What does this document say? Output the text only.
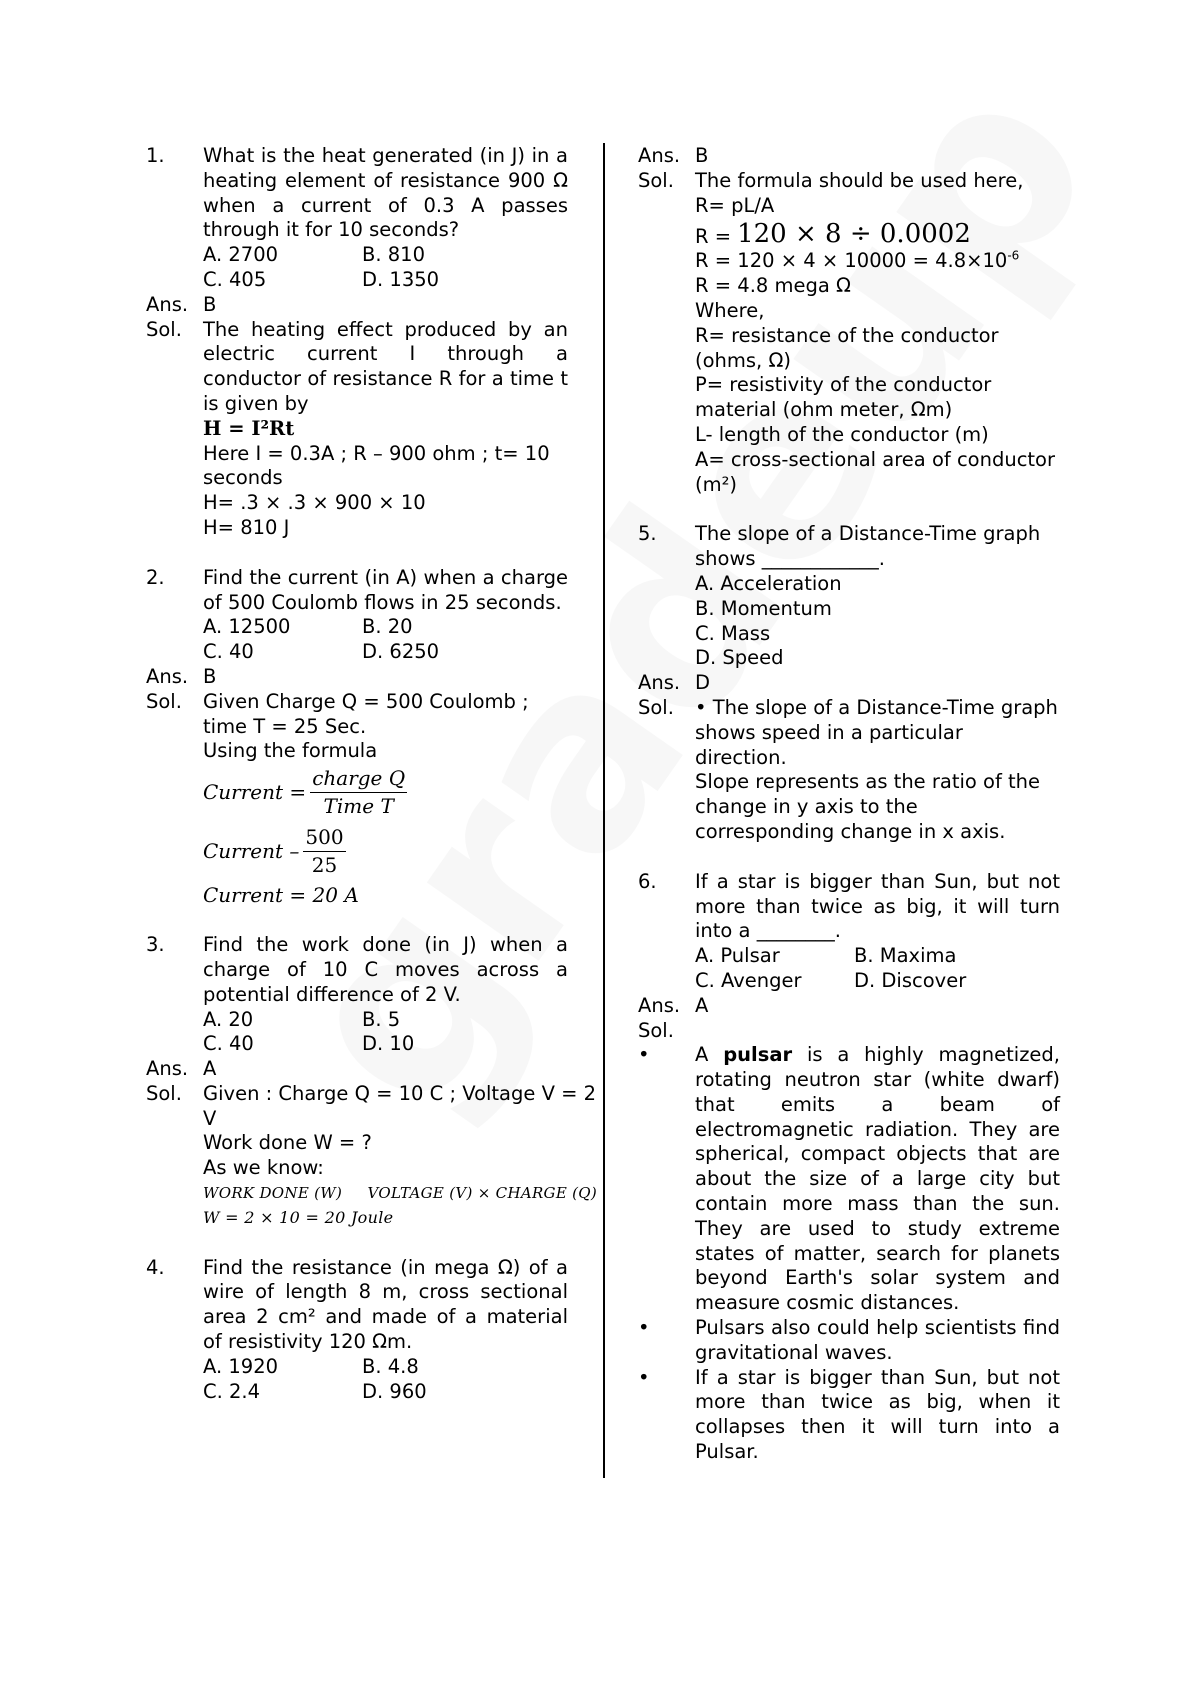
1.	What is the heat generated (in J) in a heating element of resistance 900 Ω when a current of 0.3 A passes through it for 10 seconds?
A. 2700	B. 810
C. 405	D. 1350
Ans. B
Sol.	The heating effect produced by an electric current I through a conductor of resistance R for a time t is given by
H = I²Rt
Here I = 0.3A ; R – 900 ohm ; t= 10 seconds
H= .3 × .3 × 900 × 10
H= 810 J
2.	Find the current (in A) when a charge of 500 Coulomb flows in 25 seconds.
A. 12500	B. 20
C. 40	D. 6250
Ans. B
Sol.	Given Charge Q = 500 Coulomb ; time T = 25 Sec.
Using the formula
Current = $\frac{\text{charge Q}}{\text{Time T}}$
Current – $\frac{500}{25}$
Current = 20 A
3.	Find the work done (in J) when a charge of 10 C moves across a potential difference of 2 V.
A. 20	B. 5
C. 40	D. 10
Ans. A
Sol.	Given : Charge Q = 10 C ; Voltage V = 2 V
Work done W = ?
As we know:
WORK DONE (W)     VOLTAGE (V) × CHARGE (Q)
W = 2 × 10 = 20 Joule
4.	Find the resistance (in mega Ω) of a wire of length 8 m, cross sectional area 2 cm² and made of a material of resistivity 120 Ωm.
A. 1920	B. 4.8
C. 2.4	D. 960
Ans. B
Sol.	The formula should be used here,
R= pL/A
R = 120 × 8 ÷ 0.0002
$R = 120 \times 4 \times 10000 = 4.8\times 10^{-6}$
R = 4.8 mega Ω
Where,
R= resistance of the conductor (ohms, Ω)
P= resistivity of the conductor material (ohm meter, Ωm)
L- length of the conductor (m)
A= cross-sectional area of conductor (m²)
5.	The slope of a Distance-Time graph shows ____________.
A. Acceleration
B. Momentum
C. Mass
D. Speed
Ans. D
Sol.	• The slope of a Distance-Time graph shows speed in a particular direction.
Slope represents as the ratio of the change in y axis to the corresponding change in x axis.
6.	If a star is bigger than Sun, but not more than twice as big, it will turn into a ________.
A. Pulsar	B. Maxima
C. Avenger	D. Discover
Ans. A
Sol.
•	A pulsar is a highly magnetized, rotating neutron star (white dwarf) that emits a beam of electromagnetic radiation. They are spherical, compact objects that are about the size of a large city but contain more mass than the sun. They are used to study extreme states of matter, search for planets beyond Earth's solar system and measure cosmic distances.
•	Pulsars also could help scientists find gravitational waves.
•	If a star is bigger than Sun, but not more than twice as big, when it collapses then it will turn into a Pulsar.
